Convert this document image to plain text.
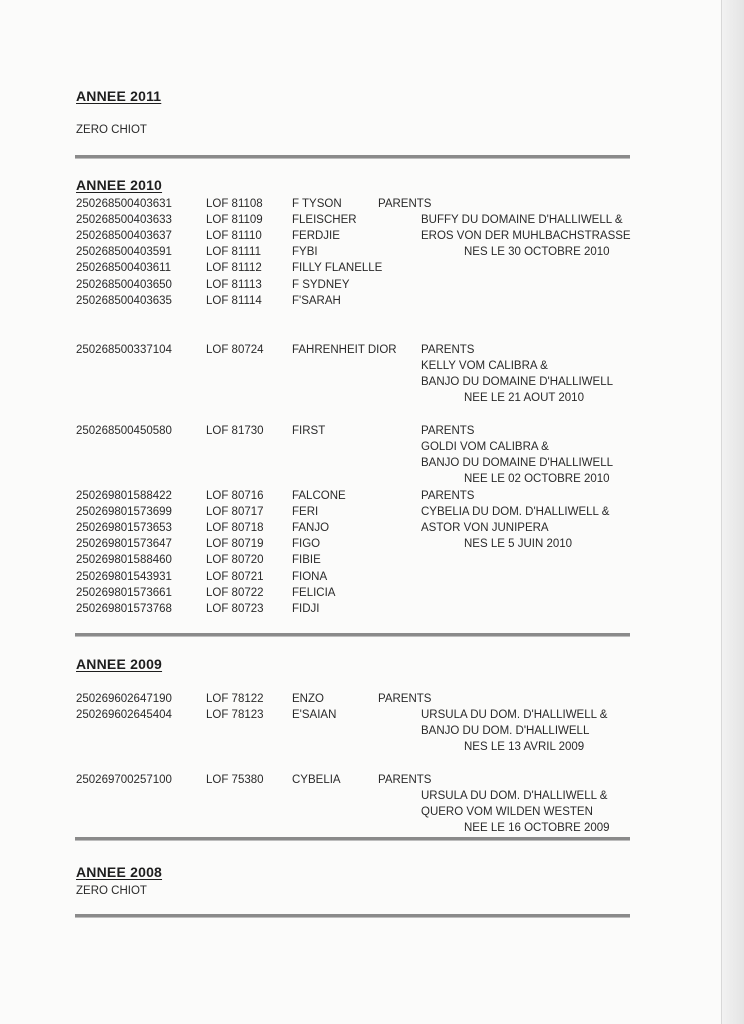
ANNEE 2011
ZERO CHIOT
ANNEE 2010
250268500403631	LOF 81108	F TYSON
250268500403633	LOF 81109	FLEISCHER
250268500403637	LOF 81110	FERDJIE
250268500403591	LOF 81111	FYBI
250268500403611	LOF 81112	FILLY FLANELLE
250268500403650	LOF 81113	F SYDNEY
250268500403635	LOF 81114	F'SARAH
PARENTS
BUFFY DU DOMAINE D'HALLIWELL &
EROS VON DER MUHLBACHSTRASSE
NES LE 30 OCTOBRE 2010
250268500337104	LOF 80724 FAHRENHEIT DIOR PARENTS
KELLY VOM CALIBRA &
BANJO DU DOMAINE D'HALLIWELL
NEE LE 21 AOUT 2010
250268500450580	LOF 81730 FIRST	PARENTS
GOLDI VOM CALIBRA &
BANJO DU DOMAINE D'HALLIWELL
NEE LE 02 OCTOBRE 2010
250269801588422	LOF 80716 FALCONE
250269801573699	LOF 80717 FERI
250269801573653	LOF 80718 FANJO
250269801573647	LOF 80719 FIGO
250269801588460	LOF 80720 FIBIE
250269801543931	LOF 80721 FIONA
250269801573661	LOF 80722 FELICIA
250269801573768	LOF 80723 FIDJI
PARENTS
CYBELIA DU DOM. D'HALLIWELL &
ASTOR VON JUNIPERA
NES LE 5 JUIN 2010
ANNEE 2009
250269602647190	LOF 78122 ENZO
250269602645404	LOF 78123 E'SAIAN
PARENTS
URSULA DU DOM. D'HALLIWELL &
BANJO DU DOM. D'HALLIWELL
NES LE 13 AVRIL 2009
250269700257100	LOF 75380 CYBELIA	PARENTS
URSULA DU DOM. D'HALLIWELL &
QUERO VOM WILDEN WESTEN
NEE LE 16 OCTOBRE 2009
ANNEE 2008
ZERO CHIOT
